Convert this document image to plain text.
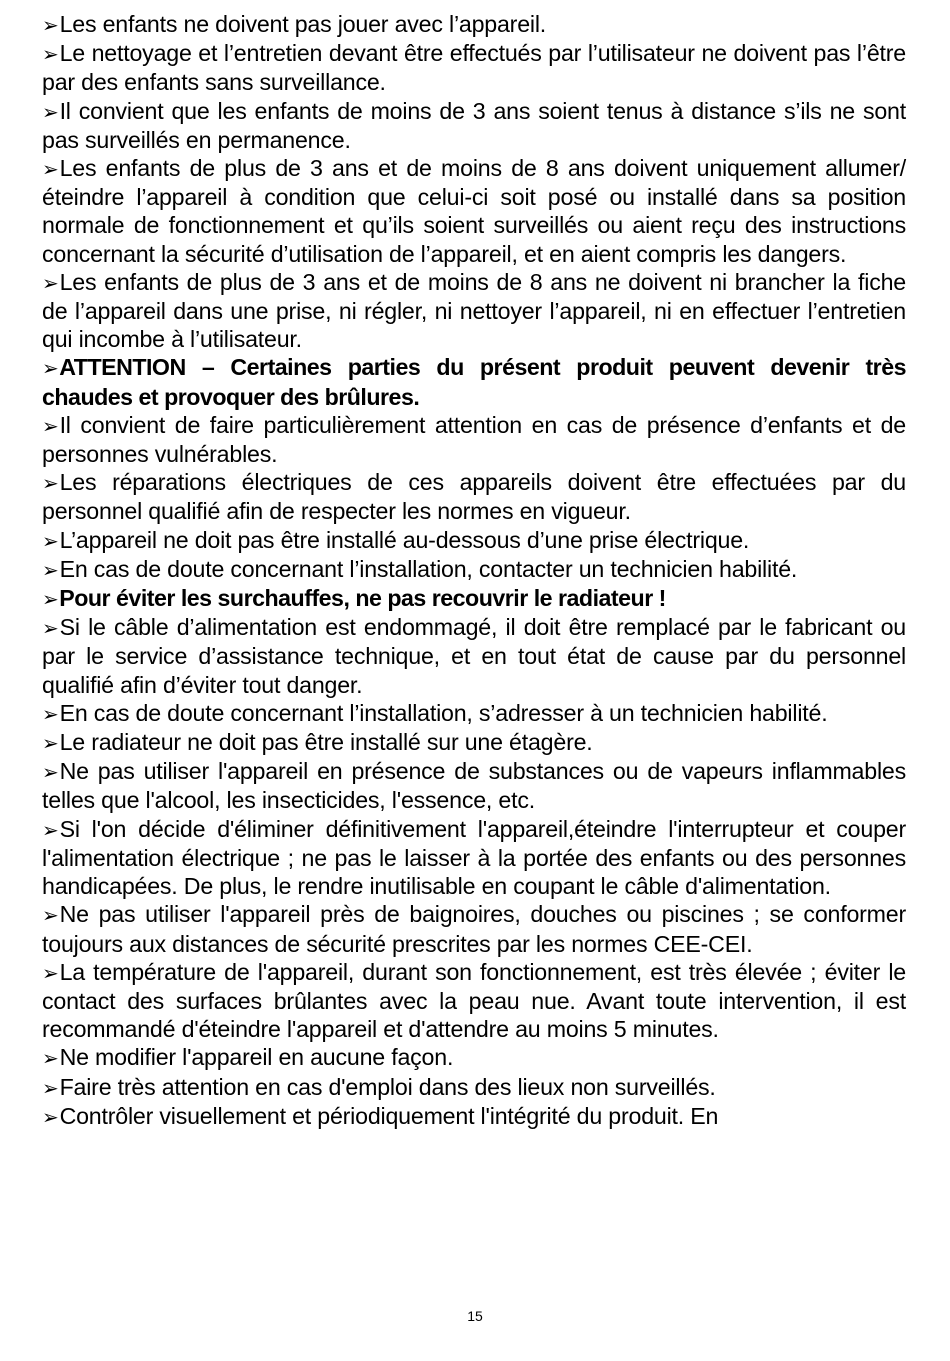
➢Les enfants ne doivent pas jouer avec l’appareil.

➢Le nettoyage et l’entretien devant être effectués par l’utilisateur ne doivent pas l’être par des enfants sans surveillance.

➢Il convient que les enfants de moins de 3 ans soient tenus à distance s’ils ne sont pas surveillés en permanence.

➢Les enfants de plus de 3 ans et de moins de 8 ans doivent uniquement allumer/éteindre l’appareil à condition que celui-ci soit posé ou installé dans sa position normale de fonctionnement et qu’ils soient surveillés ou aient reçu des instructions concernant la sécurité d’utilisation de l’appareil, et en aient compris les dangers.

➢Les enfants de plus de 3 ans et de moins de 8 ans ne doivent ni brancher la fiche de l’appareil dans une prise, ni régler, ni nettoyer l’appareil, ni en effectuer l’entretien qui incombe à l’utilisateur.

➢ATTENTION – Certaines parties du présent produit peuvent devenir très chaudes et provoquer des brûlures.

➢Il convient de faire particulièrement attention en cas de présence d’enfants et de personnes vulnérables.

➢Les réparations électriques de ces appareils doivent être effectuées par du personnel qualifié afin de respecter les normes en vigueur.

➢L’appareil ne doit pas être installé au-dessous d’une prise électrique.

➢En cas de doute concernant l’installation, contacter un technicien habilité.

➢Pour éviter les surchauffes, ne pas recouvrir le radiateur !

➢Si le câble d’alimentation est endommagé, il doit être remplacé par le fabricant ou par le service d’assistance technique, et en tout état de cause par du personnel qualifié afin d’éviter tout danger.

➢En cas de doute concernant l’installation, s’adresser à un technicien habilité.

➢Le radiateur ne doit pas être installé sur une étagère.

➢Ne pas utiliser l'appareil en présence de substances ou de vapeurs inflammables telles que l'alcool, les insecticides, l'essence, etc.

➢Si l'on décide d'éliminer définitivement l'appareil,éteindre l'interrupteur et couper l'alimentation électrique ; ne pas le laisser à la portée des enfants ou des personnes handicapées. De plus, le rendre inutilisable en coupant le câble d'alimentation.

➢Ne pas utiliser l'appareil près de baignoires, douches ou piscines ; se conformer toujours aux distances de sécurité prescrites par les normes CEE-CEI.

➢La température de l'appareil, durant son fonctionnement, est très élevée ; éviter le contact des surfaces brûlantes avec la peau nue. Avant toute intervention, il est recommandé d'éteindre l'appareil et d'attendre au moins 5 minutes.

➢Ne modifier l'appareil en aucune façon.

➢Faire très attention en cas d'emploi dans des lieux non surveillés.

➢Contrôler visuellement et périodiquement l'intégrité du produit. En

15
